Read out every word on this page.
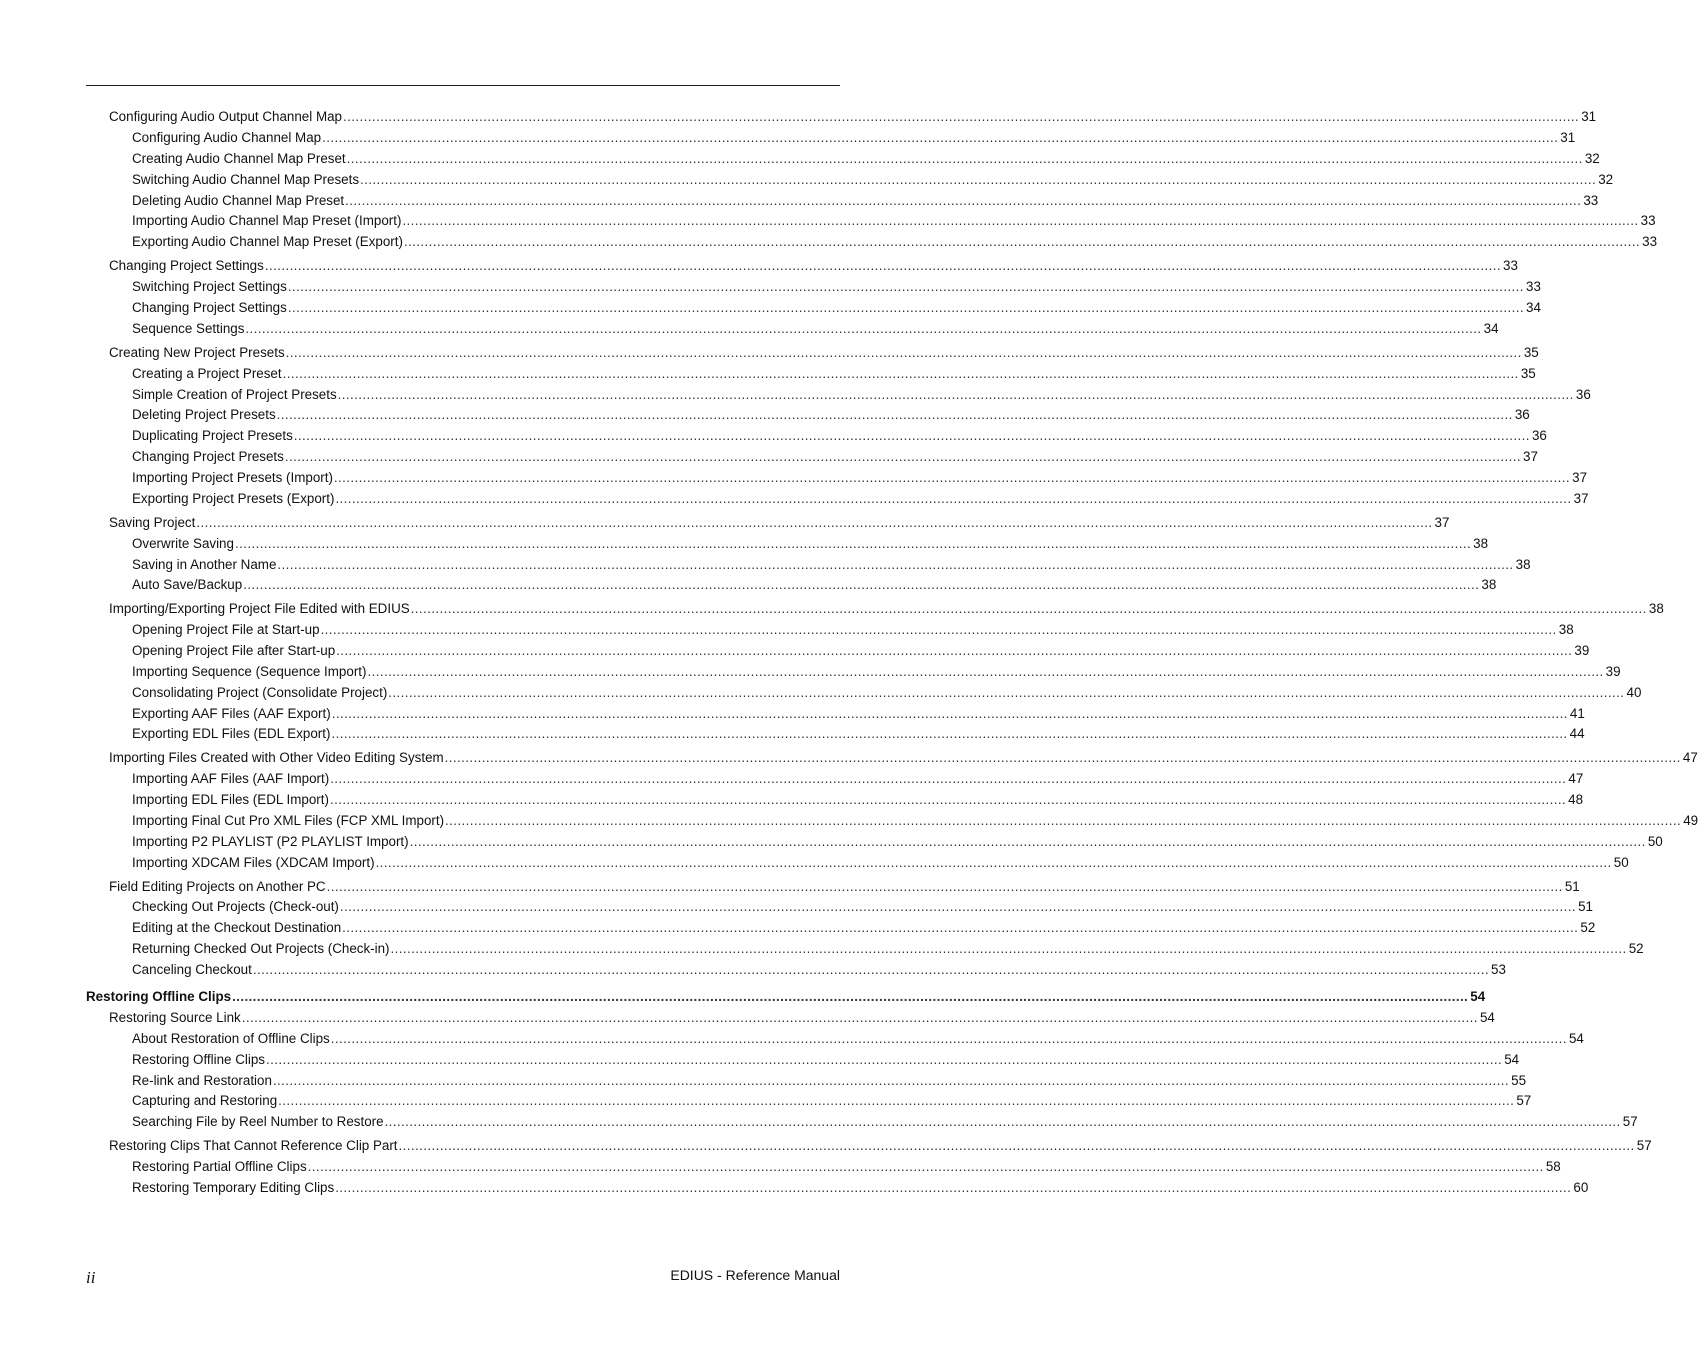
Configuring Audio Output Channel Map ............................................................................................................................................................................................................................................................................................................ 31
Configuring Audio Channel Map ............................................................................................................................................................................................................................................................................................................ 31
Creating Audio Channel Map Preset ............................................................................................................................................................................................................................................................................................................ 32
Switching Audio Channel Map Presets ............................................................................................................................................................................................................................................................................................................ 32
Deleting Audio Channel Map Preset ............................................................................................................................................................................................................................................................................................................ 33
Importing Audio Channel Map Preset (Import) ............................................................................................................................................................................................................................................................................................................ 33
Exporting Audio Channel Map Preset (Export) ............................................................................................................................................................................................................................................................................................................ 33
Changing Project Settings ............................................................................................................................................................................................................................................................................................................ 33
Switching Project Settings ............................................................................................................................................................................................................................................................................................................ 33
Changing Project Settings ............................................................................................................................................................................................................................................................................................................ 34
Sequence Settings ............................................................................................................................................................................................................................................................................................................ 34
Creating New Project Presets ............................................................................................................................................................................................................................................................................................................ 35
Creating a Project Preset ............................................................................................................................................................................................................................................................................................................ 35
Simple Creation of Project Presets ............................................................................................................................................................................................................................................................................................................ 36
Deleting Project Presets ............................................................................................................................................................................................................................................................................................................ 36
Duplicating Project Presets ............................................................................................................................................................................................................................................................................................................ 36
Changing Project Presets ............................................................................................................................................................................................................................................................................................................ 37
Importing Project Presets (Import) ............................................................................................................................................................................................................................................................................................................ 37
Exporting Project Presets (Export) ............................................................................................................................................................................................................................................................................................................ 37
Saving Project ............................................................................................................................................................................................................................................................................................................ 37
Overwrite Saving ............................................................................................................................................................................................................................................................................................................ 38
Saving in Another Name ............................................................................................................................................................................................................................................................................................................ 38
Auto Save/Backup ............................................................................................................................................................................................................................................................................................................ 38
Importing/Exporting Project File Edited with EDIUS ............................................................................................................................................................................................................................................................................................................ 38
Opening Project File at Start-up ............................................................................................................................................................................................................................................................................................................ 38
Opening Project File after Start-up ............................................................................................................................................................................................................................................................................................................ 39
Importing Sequence (Sequence Import) ............................................................................................................................................................................................................................................................................................................ 39
Consolidating Project (Consolidate Project) ............................................................................................................................................................................................................................................................................................................ 40
Exporting AAF Files (AAF Export) ............................................................................................................................................................................................................................................................................................................ 41
Exporting EDL Files (EDL Export) ............................................................................................................................................................................................................................................................................................................ 44
Importing Files Created with Other Video Editing System ............................................................................................................................................................................................................................................................................................................ 47
Importing AAF Files (AAF Import) ............................................................................................................................................................................................................................................................................................................ 47
Importing EDL Files (EDL Import) ............................................................................................................................................................................................................................................................................................................ 48
Importing Final Cut Pro XML Files (FCP XML Import) ............................................................................................................................................................................................................................................................................................................ 49
Importing P2 PLAYLIST (P2 PLAYLIST Import) ............................................................................................................................................................................................................................................................................................................ 50
Importing XDCAM Files (XDCAM Import) ............................................................................................................................................................................................................................................................................................................ 50
Field Editing Projects on Another PC ............................................................................................................................................................................................................................................................................................................ 51
Checking Out Projects (Check-out) ............................................................................................................................................................................................................................................................................................................ 51
Editing at the Checkout Destination ............................................................................................................................................................................................................................................................................................................ 52
Returning Checked Out Projects (Check-in) ............................................................................................................................................................................................................................................................................................................ 52
Canceling Checkout ............................................................................................................................................................................................................................................................................................................ 53
Restoring Offline Clips ............................................................................................................................................................................................................................................................................................................ 54
Restoring Source Link ............................................................................................................................................................................................................................................................................................................ 54
About Restoration of Offline Clips ............................................................................................................................................................................................................................................................................................................ 54
Restoring Offline Clips ............................................................................................................................................................................................................................................................................................................ 54
Re-link and Restoration ............................................................................................................................................................................................................................................................................................................ 55
Capturing and Restoring ............................................................................................................................................................................................................................................................................................................ 57
Searching File by Reel Number to Restore ............................................................................................................................................................................................................................................................................................................ 57
Restoring Clips That Cannot Reference Clip Part ............................................................................................................................................................................................................................................................................................................ 57
Restoring Partial Offline Clips ............................................................................................................................................................................................................................................................................................................ 58
Restoring Temporary Editing Clips ............................................................................................................................................................................................................................................................................................................ 60
ii	EDIUS - Reference Manual
